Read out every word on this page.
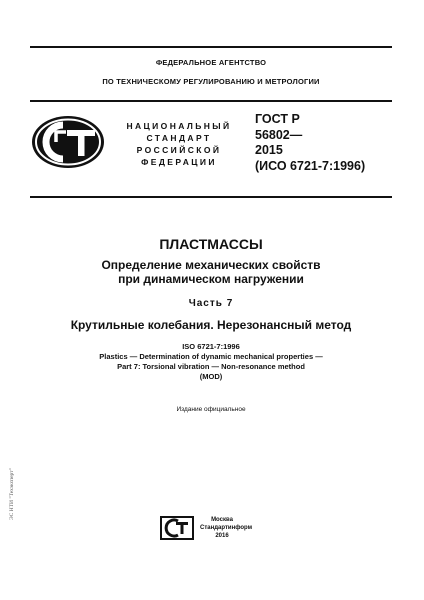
ФЕДЕРАЛЬНОЕ АГЕНТСТВО
ПО ТЕХНИЧЕСКОМУ РЕГУЛИРОВАНИЮ И МЕТРОЛОГИИ
НАЦИОНАЛЬНЫЙ
СТАНДАРТ
РОССИЙСКОЙ
ФЕДЕРАЦИИ
ГОСТ Р
56802—
2015
(ИСО 6721-7:1996)
ПЛАСТМАССЫ
Определение механических свойств
при динамическом нагружении
Часть 7
Крутильные колебания. Нерезонансный метод
ISO 6721-7:1996
Plastics — Determination of dynamic mechanical properties —
Part 7: Torsional vibration — Non-resonance method
(MOD)
Издание официальное
Москва
Стандартинформ
2016
ЭС НТИ "Техэксперт"
